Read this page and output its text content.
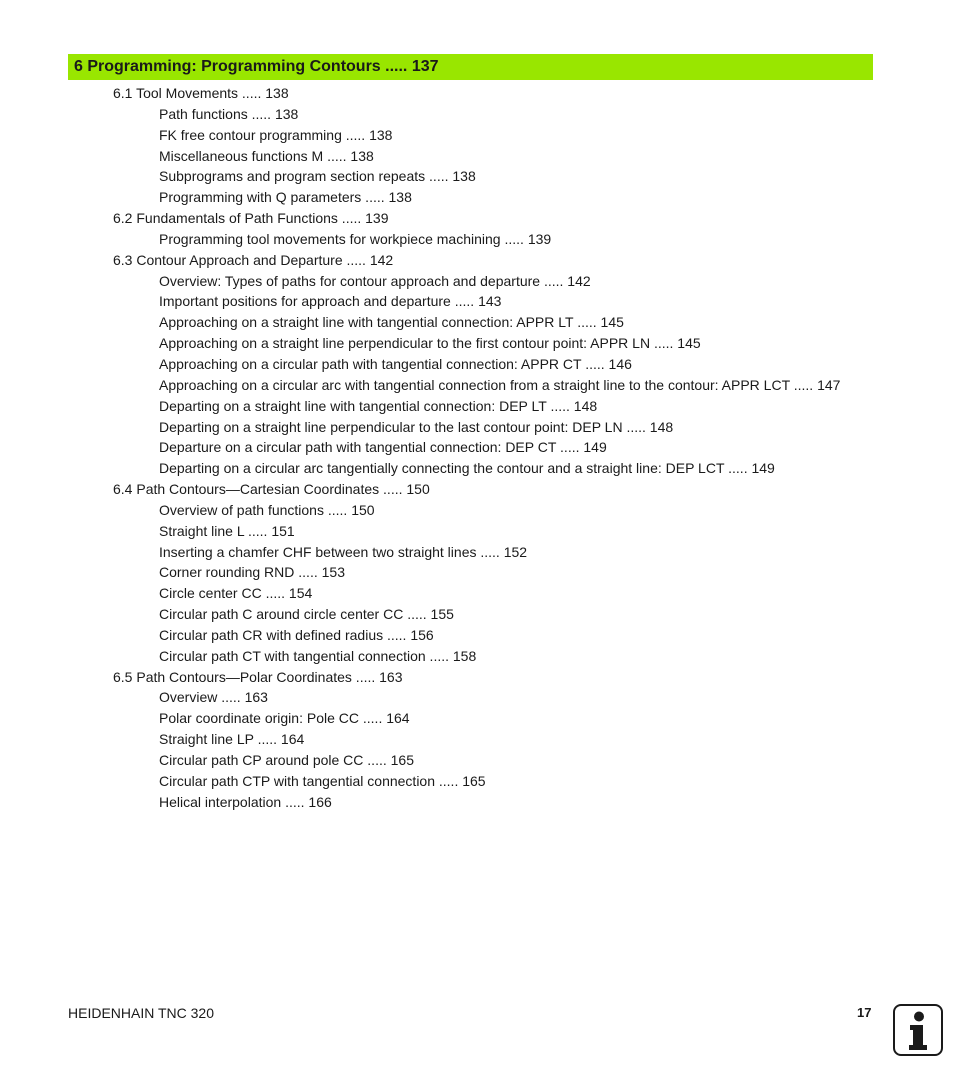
6 Programming: Programming Contours ..... 137
6.1 Tool Movements ..... 138
Path functions ..... 138
FK free contour programming ..... 138
Miscellaneous functions M ..... 138
Subprograms and program section repeats ..... 138
Programming with Q parameters ..... 138
6.2 Fundamentals of Path Functions ..... 139
Programming tool movements for workpiece machining ..... 139
6.3 Contour Approach and Departure ..... 142
Overview: Types of paths for contour approach and departure ..... 142
Important positions for approach and departure ..... 143
Approaching on a straight line with tangential connection: APPR LT ..... 145
Approaching on a straight line perpendicular to the first contour point: APPR LN ..... 145
Approaching on a circular path with tangential connection: APPR CT ..... 146
Approaching on a circular arc with tangential connection from a straight line to the contour: APPR LCT ..... 147
Departing on a straight line with tangential connection: DEP LT ..... 148
Departing on a straight line perpendicular to the last contour point: DEP LN ..... 148
Departure on a circular path with tangential connection: DEP CT ..... 149
Departing on a circular arc tangentially connecting the contour and a straight line: DEP LCT ..... 149
6.4 Path Contours—Cartesian Coordinates ..... 150
Overview of path functions ..... 150
Straight line L ..... 151
Inserting a chamfer CHF between two straight lines ..... 152
Corner rounding RND ..... 153
Circle center CC ..... 154
Circular path C around circle center CC ..... 155
Circular path CR with defined radius ..... 156
Circular path CT with tangential connection ..... 158
6.5 Path Contours—Polar Coordinates ..... 163
Overview ..... 163
Polar coordinate origin: Pole CC ..... 164
Straight line LP ..... 164
Circular path CP around pole CC ..... 165
Circular path CTP with tangential connection ..... 165
Helical interpolation ..... 166
HEIDENHAIN TNC 320	17
